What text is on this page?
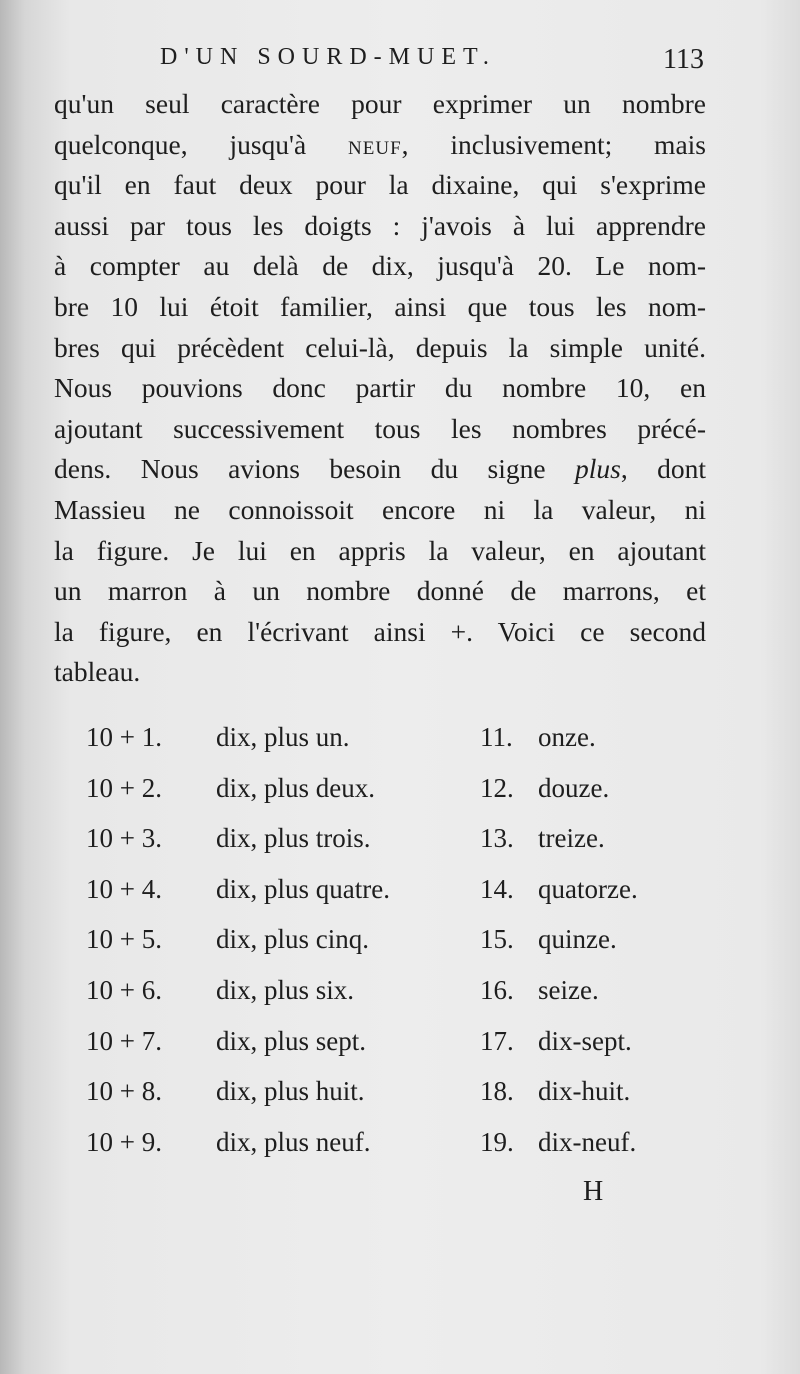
D'UN SOURD-MUET.	113
qu'un seul caractère pour exprimer un nombre
quelconque, jusqu'à neuf, inclusivement; mais
qu'il en faut deux pour la dixaine, qui s'exprime
aussi par tous les doigts : j'avois à lui apprendre
à compter au delà de dix, jusqu'à 20. Le nom-
bre 10 lui étoit familier, ainsi que tous les nom-
bres qui précèdent celui-là, depuis la simple unité.
Nous pouvions donc partir du nombre 10, en
ajoutant successivement tous les nombres précé-
dens. Nous avions besoin du signe plus, dont
Massieu ne connoissoit encore ni la valeur, ni
la figure. Je lui en appris la valeur, en ajoutant
un marron à un nombre donné de marrons, et
la figure, en l'écrivant ainsi +. Voici ce second
tableau.
10 + 1. dix, plus un.	11. onze.
10 + 2. dix, plus deux.	12. douze.
10 + 3. dix, plus trois.	13. treize.
10 + 4. dix, plus quatre.	14. quatorze.
10 + 5. dix, plus cinq.	15. quinze.
10 + 6. dix, plus six.	16. seize.
10 + 7. dix, plus sept.	17. dix-sept.
10 + 8. dix, plus huit.	18. dix-huit.
10 + 9. dix, plus neuf.	19. dix-neuf.
H
